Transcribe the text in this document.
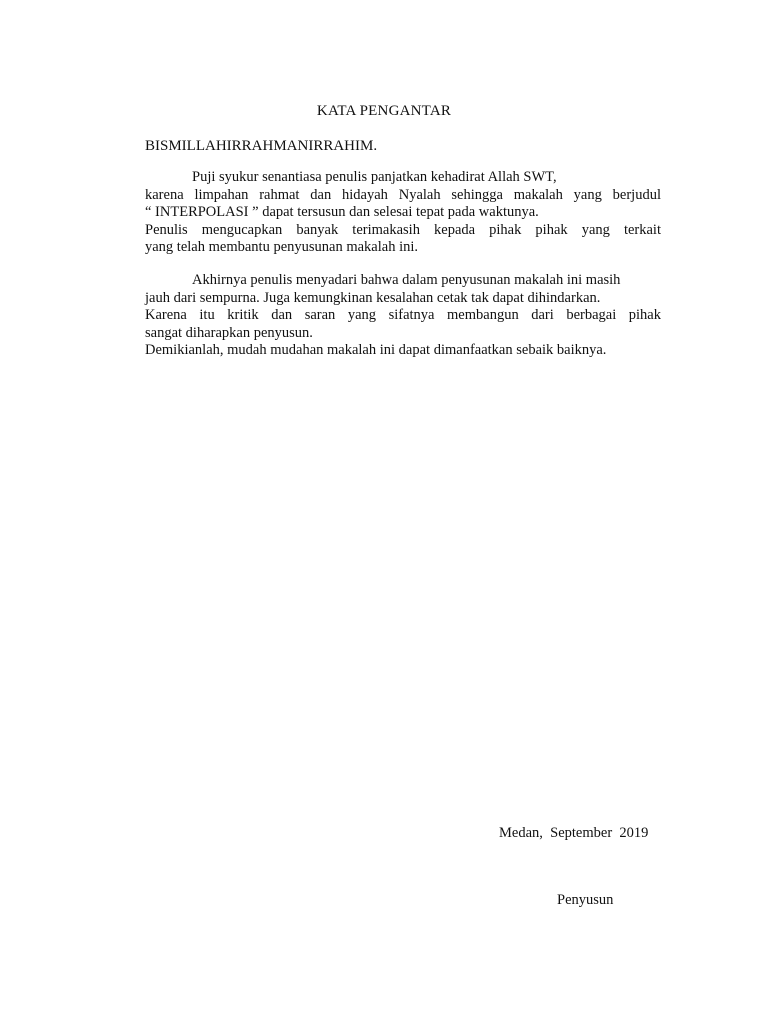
KATA PENGANTAR
BISMILLAHIRRAHMANIRRAHIM.
Puji syukur senantiasa penulis panjatkan kehadirat Allah SWT,
karena limpahan rahmat dan hidayah Nyalah sehingga makalah yang berjudul
“ INTERPOLASI ” dapat tersusun dan selesai tepat pada waktunya.
Penulis mengucapkan banyak terimakasih kepada pihak pihak yang terkait
yang telah membantu penyusunan makalah ini.
Akhirnya penulis menyadari bahwa dalam penyusunan makalah ini masih
jauh dari sempurna. Juga kemungkinan kesalahan cetak tak dapat dihindarkan.
Karena itu kritik dan saran yang sifatnya membangun dari berbagai pihak
sangat diharapkan penyusun.
Demikianlah, mudah mudahan makalah ini dapat dimanfaatkan sebaik baiknya.
Medan,  September  2019
Penyusun
